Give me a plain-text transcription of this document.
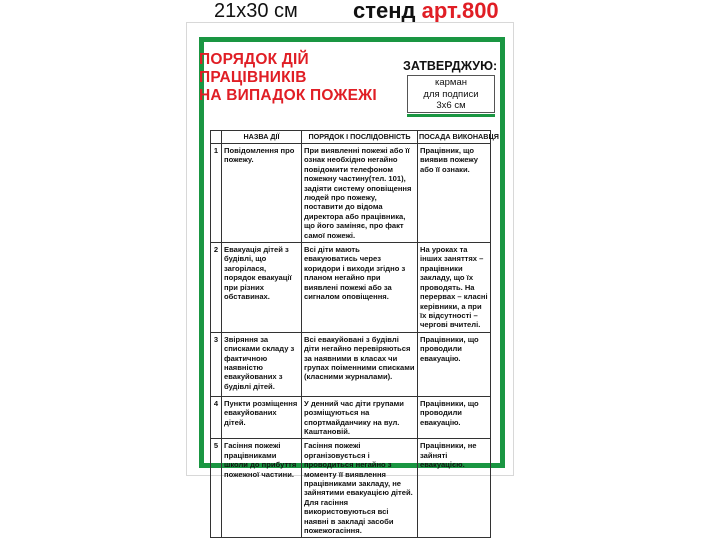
21x30 см	стенд арт.800
ПОРЯДОК ДІЙ
ПРАЦІВНИКІВ
НА ВИПАДОК ПОЖЕЖІ
ЗАТВЕРДЖУЮ:
карман
для подписи
3х6 см
	НАЗВА ДІЇ	ПОРЯДОК І ПОСЛІДОВНІСТЬ	ПОСАДА ВИКОНАВЦЯ
1	Повідомлення про пожежу.	При виявленні пожежі або її ознак необхідно негайно повідомити телефоном пожежну частину(тел. 101), задіяти систему оповіщення людей про пожежу, поставити до відома директора або працівника, що його заміняє, про факт самої пожежі.	Працівник, що виявив пожежу або її ознаки.
2	Евакуація дітей з будівлі, що загорілася, порядок евакуації при різних обставинах.	Всі діти мають евакуюватись через коридори і виходи згідно з планом негайно при виявлені пожежі або за сигналом оповіщення.	На уроках та інших заняттях – працівники закладу, що їх проводять. На перервах – класні керівники, а при їх відсутності – чергові вчителі.
3	Звіряння за списками складу з фактичною наявністю евакуйованих з будівлі дітей.	Всі евакуйовані з будівлі діти негайно перевіряються за наявними в класах чи групах поіменними списками (класними журналами).	Працівники, що проводили евакуацію.
4	Пункти розміщення евакуйованих дітей.	У денний час діти групами розміщуються на спортмайданчику на вул. Каштановій.	Працівники, що проводили евакуацію.
5	Гасіння пожежі працівниками школи до прибуття пожежної частини.	Гасіння пожежі організовується і проводиться негайно з моменту її виявлення працівниками закладу, не зайнятими евакуацією дітей. Для гасіння використовуються всі наявні в закладі засоби пожежогасіння.	Працівники, не зайняті евакуацією.
